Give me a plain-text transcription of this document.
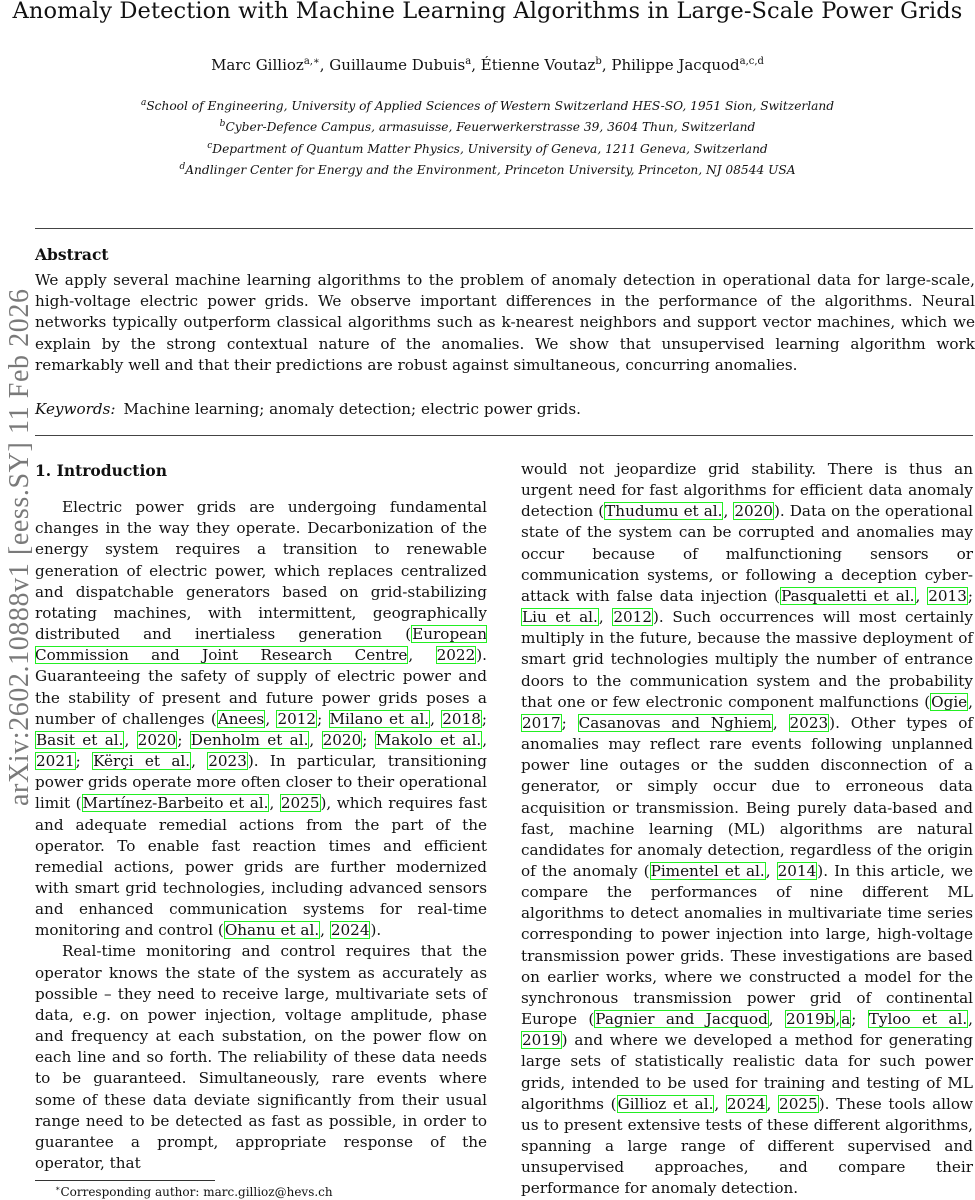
Anomaly Detection with Machine Learning Algorithms in Large-Scale Power Grids
Marc Gillioz$^{a,∗}$, Guillaume Dubuis$^a$, Étienne Voutaz$^b$, Philippe Jacquod$^{a,c,d}$
$^a$School of Engineering, University of Applied Sciences of Western Switzerland HES-SO, 1951 Sion, Switzerland
$^b$Cyber-Defence Campus, armasuisse, Feuerwerkerstrasse 39, 3604 Thun, Switzerland
$^c$Department of Quantum Matter Physics, University of Geneva, 1211 Geneva, Switzerland
$^d$Andlinger Center for Energy and the Environment, Princeton University, Princeton, NJ 08544 USA
Abstract
We apply several machine learning algorithms to the problem of anomaly detection in operational data for large-scale, high-voltage electric power grids. We observe important differences in the performance of the algorithms. Neural networks typically outperform classical algorithms such as k-nearest neighbors and support vector machines, which we explain by the strong contextual nature of the anomalies. We show that unsupervised learning algorithm work remarkably well and that their predictions are robust against simultaneous, concurring anomalies.
Keywords: Machine learning; anomaly detection; electric power grids.
arXiv:2602.10888v1 [eess.SY] 11 Feb 2026 1. Introduction

Electric power grids are undergoing fundamental changes in the way they operate. Decarbonization of the energy system requires a transition to renewable generation of electric power, which replaces centralized and dispatchable generators based on grid-stabilizing rotating machines, with intermittent, geographically distributed and inertialess generation (European Commission and Joint Research Centre, 2022). Guaranteeing the safety of supply of electric power and the stability of present and future power grids poses a number of challenges (Anees, 2012; Milano et al., 2018; Basit et al., 2020; Denholm et al., 2020; Makolo et al., 2021; Kërçi et al., 2023). In particular, transitioning power grids operate more often closer to their operational limit (Martínez-Barbeito et al., 2025), which requires fast and adequate remedial actions from the part of the operator. To enable fast reaction times and efficient remedial actions, power grids are further modernized with smart grid technologies, including advanced sensors and enhanced communication systems for real-time monitoring and control (Ohanu et al., 2024).

Real-time monitoring and control requires that the operator knows the state of the system as accurately as possible – they need to receive large, multivariate sets of data, e.g. on power injection, voltage amplitude, phase and frequency at each substation, on the power flow on each line and so forth. The reliability of these data needs to be guaranteed. Simultaneously, rare events where some of these data deviate significantly from their usual range need to be detected as fast as possible, in order to guarantee a prompt, appropriate response of the operator, that

would not jeopardize grid stability. There is thus an urgent need for fast algorithms for efficient data anomaly detection (Thudumu et al., 2020). Data on the operational state of the system can be corrupted and anomalies may occur because of malfunctioning sensors or communication systems, or following a deception cyber-attack with false data injection (Pasqualetti et al., 2013; Liu et al., 2012). Such occurrences will most certainly multiply in the future, because the massive deployment of smart grid technologies multiply the number of entrance doors to the communication system and the probability that one or few electronic component malfunctions (Ogie, 2017; Casanovas and Nghiem, 2023). Other types of anomalies may reflect rare events following unplanned power line outages or the sudden disconnection of a generator, or simply occur due to erroneous data acquisition or transmission. Being purely data-based and fast, machine learning (ML) algorithms are natural candidates for anomaly detection, regardless of the origin of the anomaly (Pimentel et al., 2014). In this article, we compare the performances of nine different ML algorithms to detect anomalies in multivariate time series corresponding to power injection into large, high-voltage transmission power grids. These investigations are based on earlier works, where we constructed a model for the synchronous transmission power grid of continental Europe (Pagnier and Jacquod, 2019b,a; Tyloo et al., 2019) and where we developed a method for generating large sets of statistically realistic data for such power grids, intended to be used for training and testing of ML algorithms (Gillioz et al., 2024, 2025). These tools allow us to present extensive tests of these different algorithms, spanning a large range of different supervised and unsupervised approaches, and compare their performance for anomaly detection.

∗Corresponding author: marc.gillioz@hevs.ch
